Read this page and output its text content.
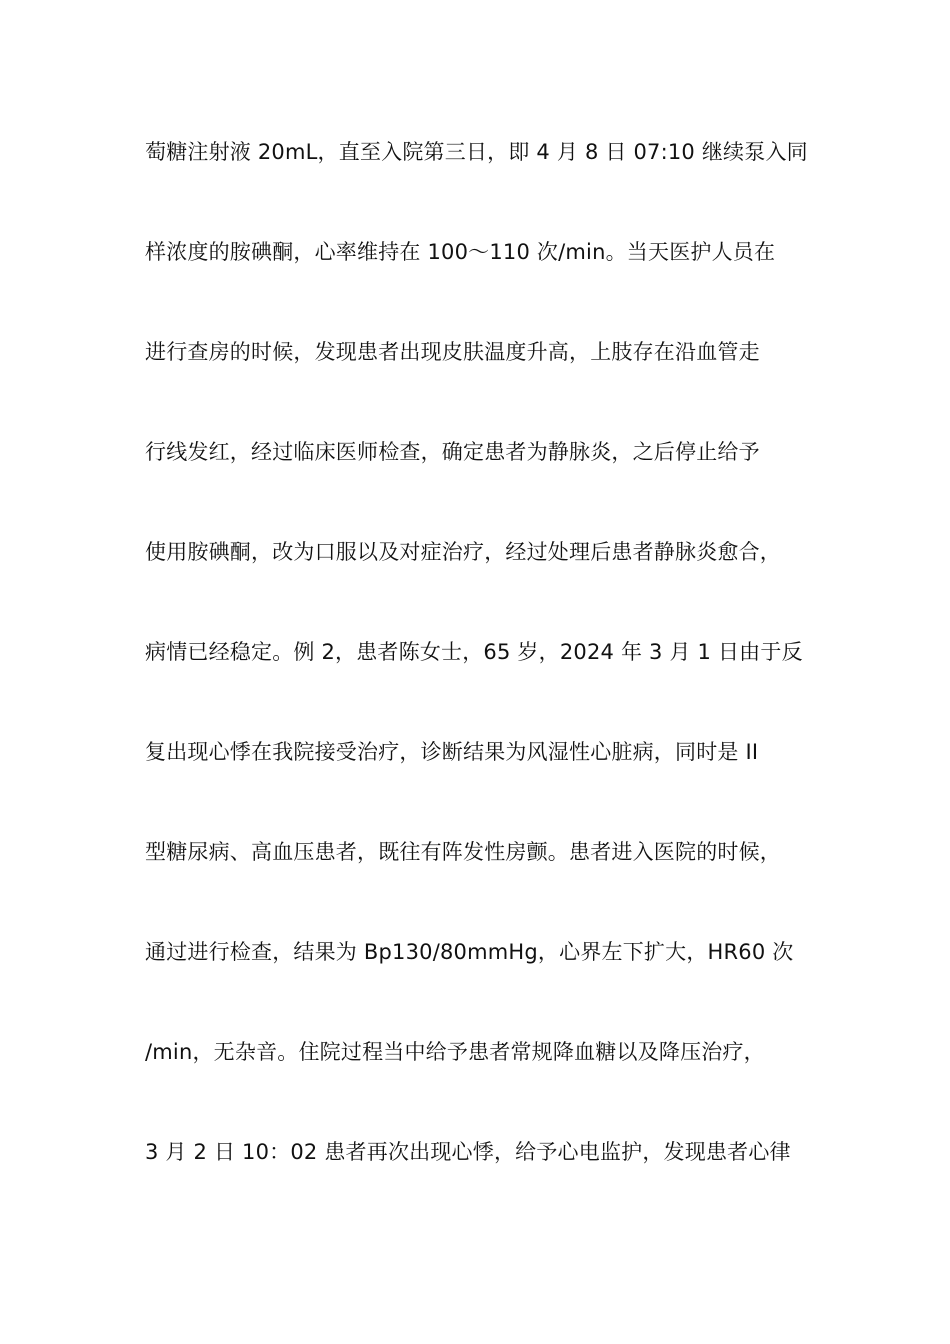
萄糖注射液 20mL，直至入院第三日，即 4 月 8 日 07:10 继续泵入同
样浓度的胺碘酮，心率维持在 100～110 次/min。当天医护人员在
进行查房的时候，发现患者出现皮肤温度升高，上肢存在沿血管走
行线发红，经过临床医师检查，确定患者为静脉炎，之后停止给予
使用胺碘酮，改为口服以及对症治疗，经过处理后患者静脉炎愈合，
病情已经稳定。例 2，患者陈女士，65 岁，2024 年 3 月 1 日由于反
复出现心悸在我院接受治疗，诊断结果为风湿性心脏病，同时是 II
型糖尿病、高血压患者，既往有阵发性房颤。患者进入医院的时候，
通过进行检查，结果为 Bp130/80mmHg，心界左下扩大，HR60 次
/min，无杂音。住院过程当中给予患者常规降血糖以及降压治疗，
3 月 2 日 10：02 患者再次出现心悸，给予心电监护，发现患者心律
